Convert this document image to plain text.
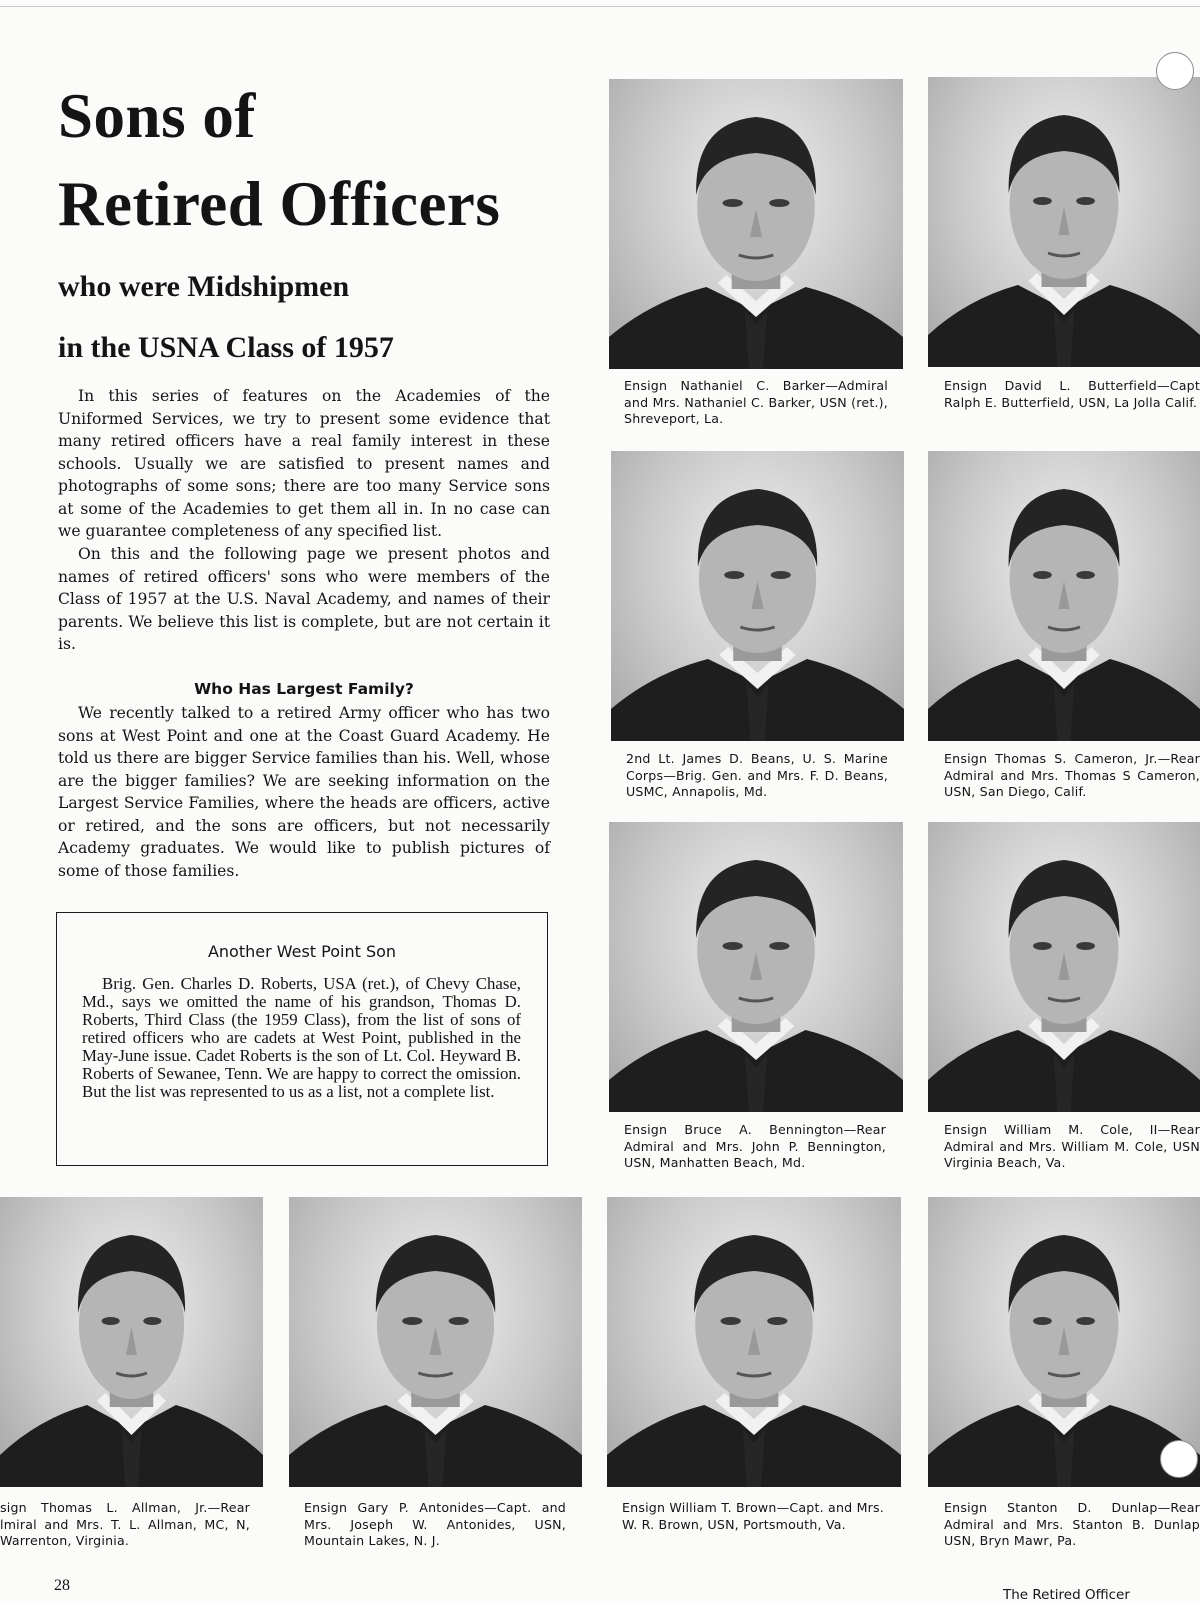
Sons of
Retired Officers
who were Midshipmen
in the USNA Class of 1957

In this series of features on the Academies of the Uniformed Services, we try to present some evidence that many retired officers have a real family interest in these schools. Usually we are satisfied to present names and photographs of some sons; there are too many Service sons at some of the Academies to get them all in. In no case can we guarantee completeness of any specified list.

On this and the following page we present photos and names of retired officers' sons who were members of the Class of 1957 at the U.S. Naval Academy, and names of their parents. We believe this list is complete, but are not certain it is.

Who Has Largest Family?

We recently talked to a retired Army officer who has two sons at West Point and one at the Coast Guard Academy. He told us there are bigger Service families than his. Well, whose are the bigger families? We are seeking information on the Largest Service Families, where the heads are officers, active or retired, and the sons are officers, but not necessarily Academy graduates. We would like to publish pictures of some of those families.

Another West Point Son

Brig. Gen. Charles D. Roberts, USA (ret.), of Chevy Chase, Md., says we omitted the name of his grandson, Thomas D. Roberts, Third Class (the 1959 Class), from the list of sons of retired officers who are cadets at West Point, published in the May-June issue. Cadet Roberts is the son of Lt. Col. Heyward B. Roberts of Sewanee, Tenn. We are happy to correct the omission. But the list was represented to us as a list, not a complete list.

Ensign Nathaniel C. Barker—Admiral and Mrs. Nathaniel C. Barker, USN (ret.), Shreveport, La.

Ensign David L. Butterfield—Capt Ralph E. Butterfield, USN, La Jolla Calif.

2nd Lt. James D. Beans, U. S. Marine Corps—Brig. Gen. and Mrs. F. D. Beans, USMC, Annapolis, Md.

Ensign Thomas S. Cameron, Jr.—Rear Admiral and Mrs. Thomas S Cameron, USN, San Diego, Calif.

Ensign Bruce A. Bennington—Rear Admiral and Mrs. John P. Bennington, USN, Manhatten Beach, Md.

Ensign William M. Cole, II—Rear Admiral and Mrs. William M. Cole, USN Virginia Beach, Va.

sign Thomas L. Allman, Jr.—Rear lmiral and Mrs. T. L. Allman, MC, N, Warrenton, Virginia.

Ensign Gary P. Antonides—Capt. and Mrs. Joseph W. Antonides, USN, Mountain Lakes, N. J.

Ensign William T. Brown—Capt. and Mrs. W. R. Brown, USN, Portsmouth, Va.

Ensign Stanton D. Dunlap—Rear Admiral and Mrs. Stanton B. Dunlap USN, Bryn Mawr, Pa.

28
The Retired Officer
